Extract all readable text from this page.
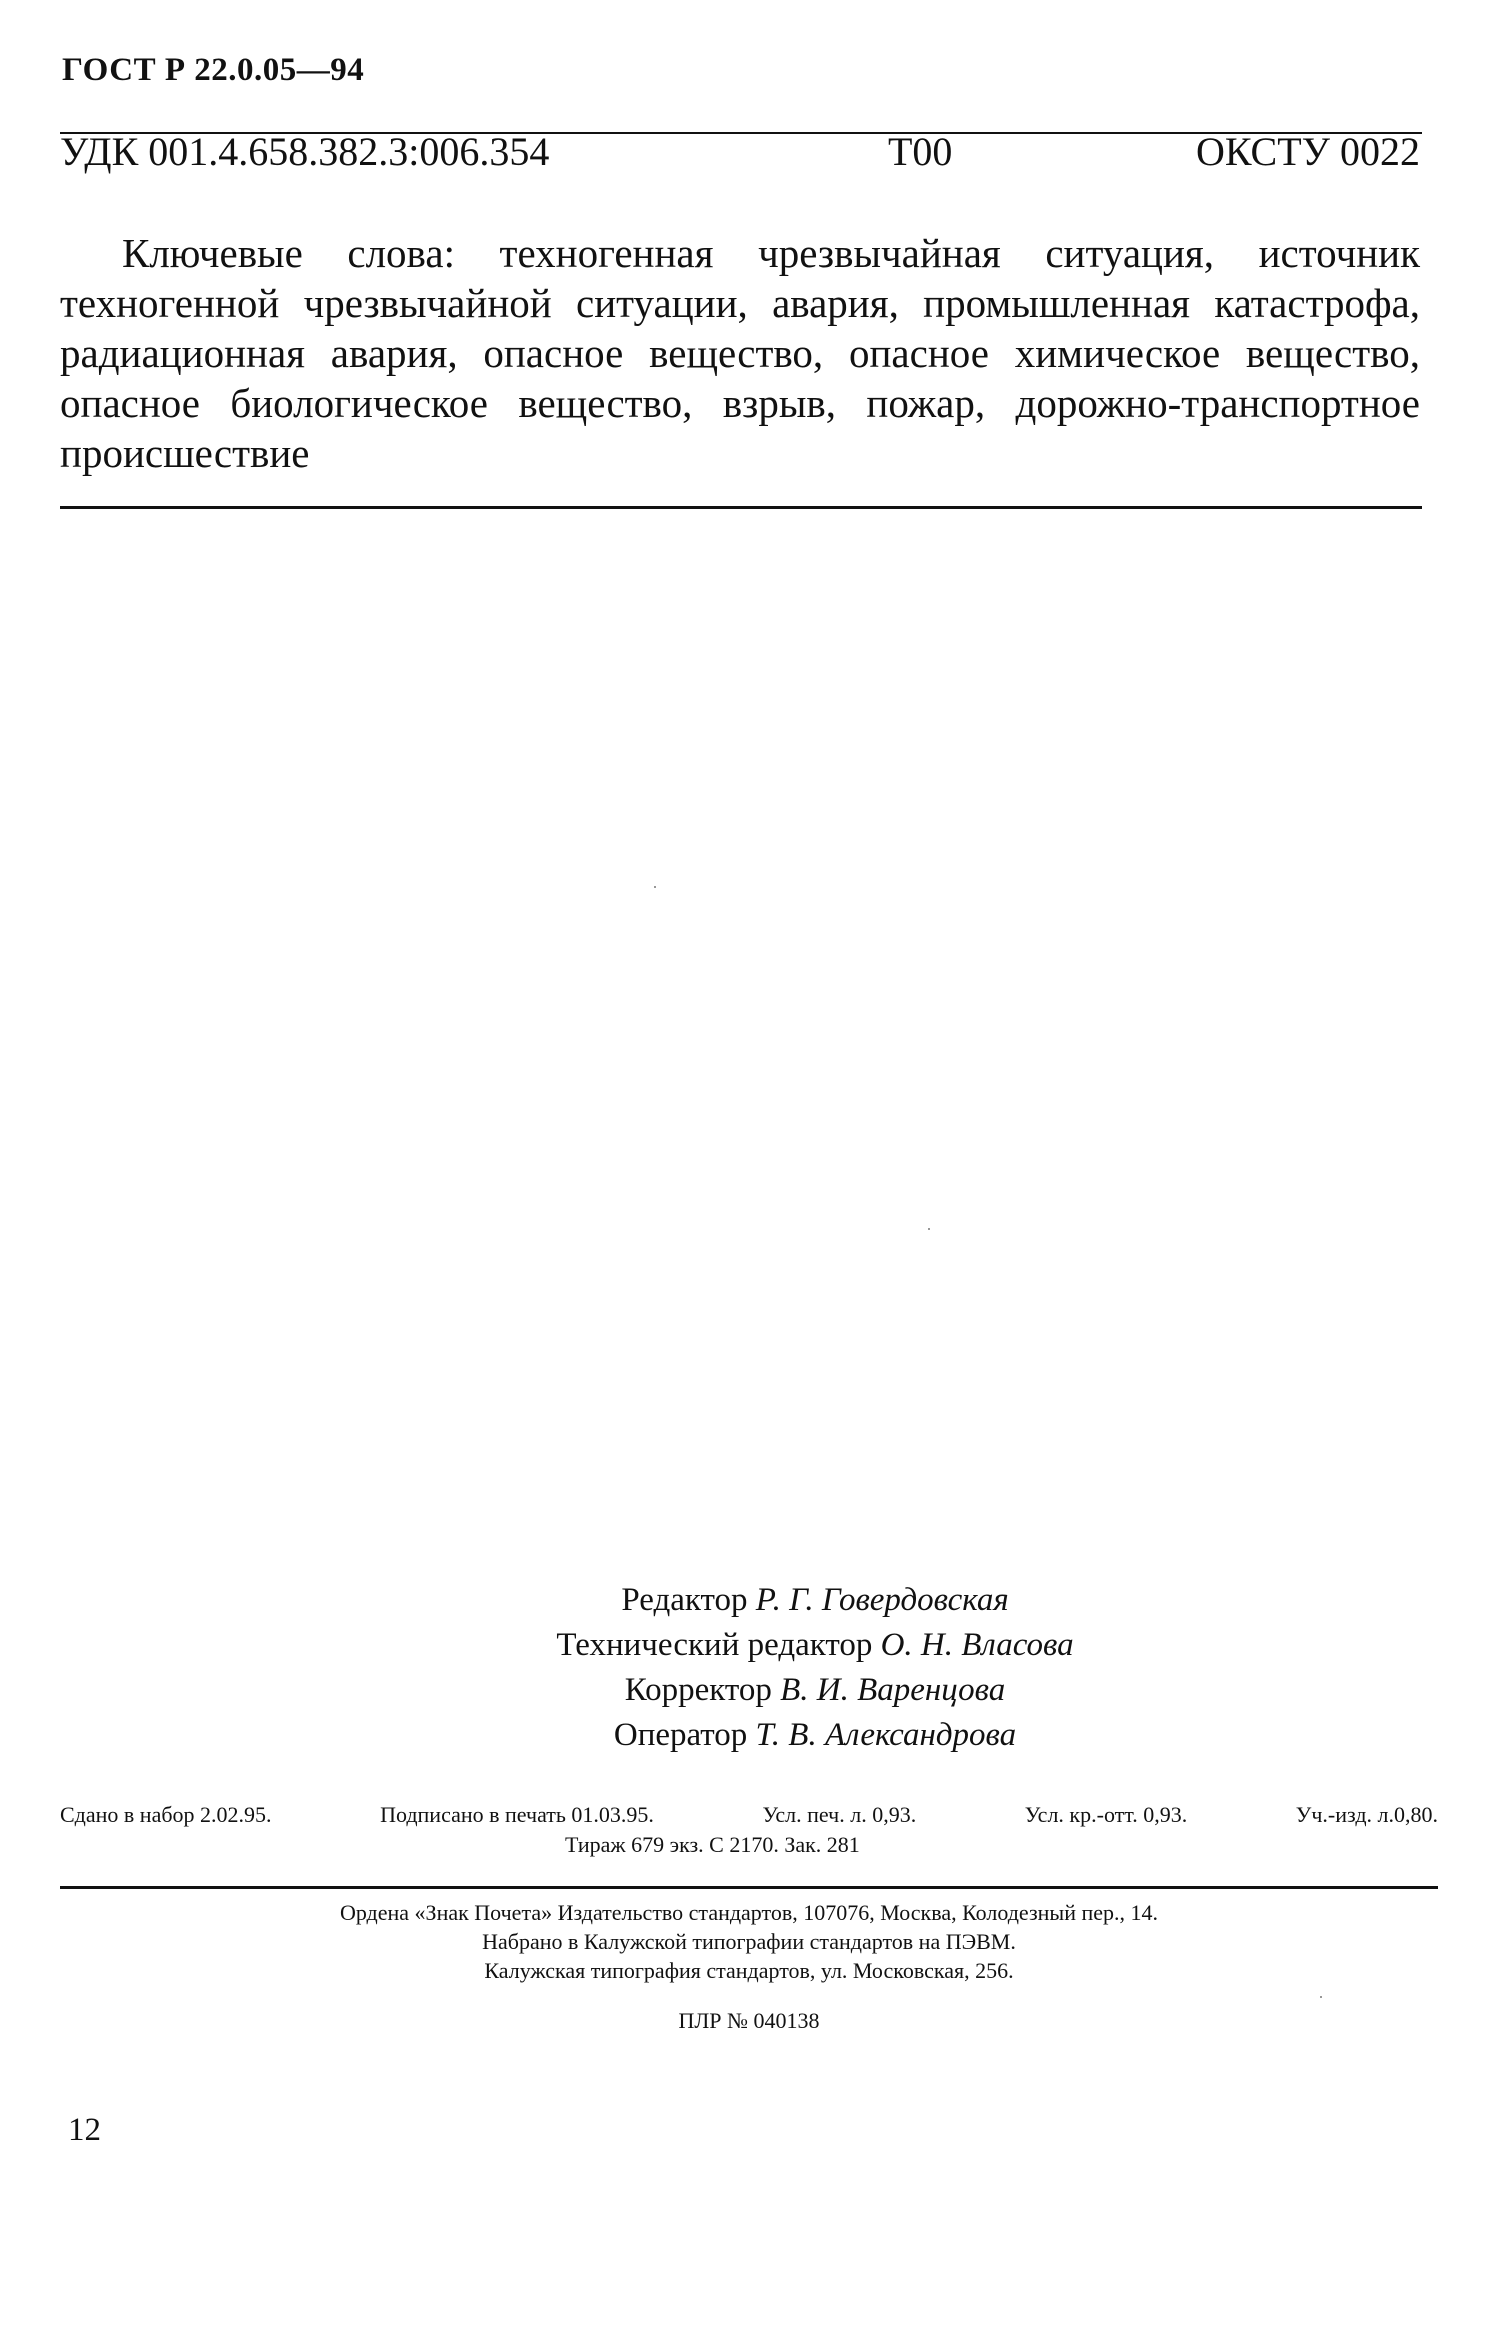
ГОСТ Р 22.0.05—94
УДК 001.4.658.382.3:006.354	Т00	ОКСТУ 0022

Ключевые слова: техногенная чрезвычайная ситуация, источник техногенной чрезвычайной ситуации, авария, промышленная катастрофа, радиационная авария, опасное вещество, опасное химическое вещество, опасное биологическое вещество, взрыв, пожар, дорожно-транспортное происшествие

Редактор Р. Г. Говердовская
Технический редактор О. Н. Власова
Корректор В. И. Варенцова
Оператор Т. В. Александрова
Сдано в набор 2.02.95.	Подписано в печать 01.03.95.	Усл. печ. л. 0,93.	Усл. кр.-отт. 0,93.	Уч.-изд. л.0,80.
Тираж 679 экз. С 2170. Зак. 281
Ордена «Знак Почета» Издательство стандартов, 107076, Москва, Колодезный пер., 14.
Набрано в Калужской типографии стандартов на ПЭВМ.
Калужская типография стандартов, ул. Московская, 256.
ПЛР № 040138
12
